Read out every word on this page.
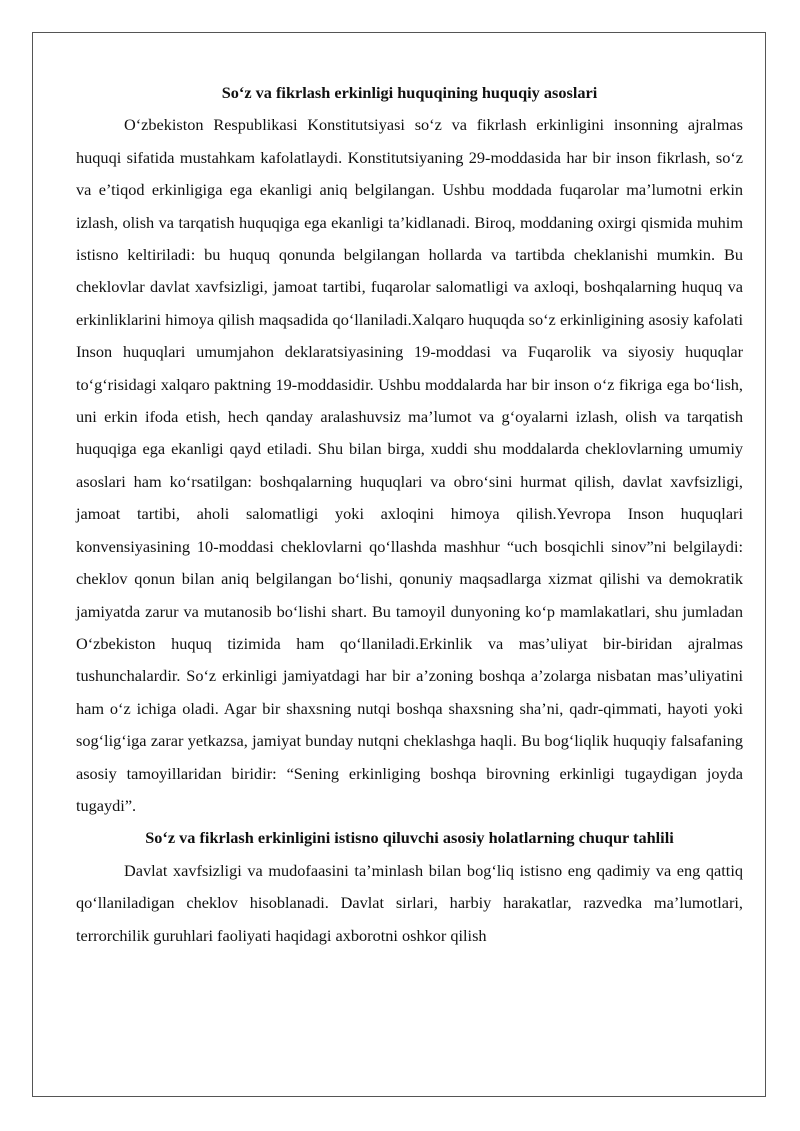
So‘z va fikrlash erkinligi huquqining huquqiy asoslari

O‘zbekiston Respublikasi Konstitutsiyasi so‘z va fikrlash erkinligini insonning ajralmas huquqi sifatida mustahkam kafolatlaydi. Konstitutsiyaning 29-moddasida har bir inson fikrlash, so‘z va e’tiqod erkinligiga ega ekanligi aniq belgilangan. Ushbu moddada fuqarolar ma’lumotni erkin izlash, olish va tarqatish huquqiga ega ekanligi ta’kidlanadi. Biroq, moddaning oxirgi qismida muhim istisno keltiriladi: bu huquq qonunda belgilangan hollarda va tartibda cheklanishi mumkin. Bu cheklovlar davlat xavfsizligi, jamoat tartibi, fuqarolar salomatligi va axloqi, boshqalarning huquq va erkinliklarini himoya qilish maqsadida qo‘llaniladi.Xalqaro huquqda so‘z erkinligining asosiy kafolati Inson huquqlari umumjahon deklaratsiyasining 19-moddasi va Fuqarolik va siyosiy huquqlar to‘g‘risidagi xalqaro paktning 19-moddasidir. Ushbu moddalarda har bir inson o‘z fikriga ega bo‘lish, uni erkin ifoda etish, hech qanday aralashuvsiz ma’lumot va g‘oyalarni izlash, olish va tarqatish huquqiga ega ekanligi qayd etiladi. Shu bilan birga, xuddi shu moddalarda cheklovlarning umumiy asoslari ham ko‘rsatilgan: boshqalarning huquqlari va obro‘sini hurmat qilish, davlat xavfsizligi, jamoat tartibi, aholi salomatligi yoki axloqini himoya qilish.Yevropa Inson huquqlari konvensiyasining 10-moddasi cheklovlarni qo‘llashda mashhur “uch bosqichli sinov”ni belgilaydi: cheklov qonun bilan aniq belgilangan bo‘lishi, qonuniy maqsadlarga xizmat qilishi va demokratik jamiyatda zarur va mutanosib bo‘lishi shart. Bu tamoyil dunyoning ko‘p mamlakatlari, shu jumladan O‘zbekiston huquq tizimida ham qo‘llaniladi.Erkinlik va mas’uliyat bir-biridan ajralmas tushunchalardir. So‘z erkinligi jamiyatdagi har bir a’zoning boshqa a’zolarga nisbatan mas’uliyatini ham o‘z ichiga oladi. Agar bir shaxsning nutqi boshqa shaxsning sha’ni, qadr-qimmati, hayoti yoki sog‘lig‘iga zarar yetkazsa, jamiyat bunday nutqni cheklashga haqli. Bu bog‘liqlik huquqiy falsafaning asosiy tamoyillaridan biridir: “Sening erkinliging boshqa birovning erkinligi tugaydigan joyda tugaydi”.

So‘z va fikrlash erkinligini istisno qiluvchi asosiy holatlarning chuqur tahlili

Davlat xavfsizligi va mudofaasini ta’minlash bilan bog‘liq istisno eng qadimiy va eng qattiq qo‘llaniladigan cheklov hisoblanadi. Davlat sirlari, harbiy harakatlar, razvedka ma’lumotlari, terrorchilik guruhlari faoliyati haqidagi axborotni oshkor qilish
